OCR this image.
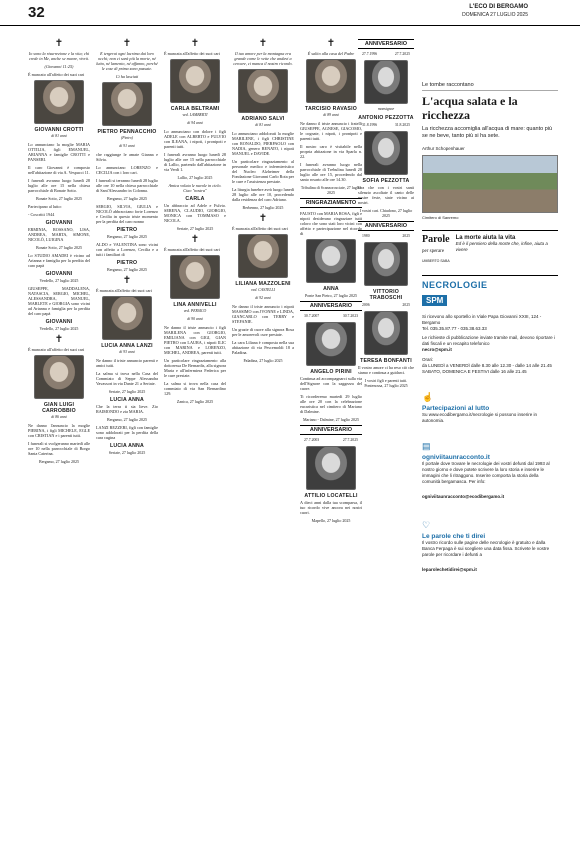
32	L'ECO DI BERGAMO
DOMENICA 27 LUGLIO 2025
✝

Io sono la risurrezione e la vita; chi crede in Me, anche se muore, vivrà.

(Giovanni 11:25)

È mancato all'affetto dei suoi cari

GIOVANNI CROTTI
di 81 anni

Lo annunciano la moglie MARIA OTTILIA, figli EMANUEL, ARIANNA e famiglie CROTTI e PANSERI.

Il caro Giovanni è composto nell'abitazione di via A. Vespucci 11.

I funerali avranno luogo lunedì 28 luglio alle ore 15 nella chiesa parrocchiale di Bonate Sotto.

Bonate Sotto, 27 luglio 2025

Partecipano al lutto:

- Coscritti 1944

GIOVANNI

ERMINIA, ROSSANO, LISA, ANDREA, MARTA, SIMONE, NICOLÒ, LUIGINA

Bonate Sotto, 27 luglio 2025

Lo STUDIO AMADEI è vicino ad Arianna e famiglia per la perdita del caro papà

GIOVANNI

Verdello, 27 luglio 2025

GIUSEPPE, MADDALENA, NATASCIA, SERGIO, MICHEL, ALESSANDRA, MANUEL, MARLETE e GIORGIA sono vicini ad Arianna e famiglia per la perdita del caro papà

GIOVANNI

Verdello, 27 luglio 2025

✝

È mancato all'affetto dei suoi cari

GIAN LUIGI CARROBBIO
di 86 anni

Ne danno l'annuncio la moglie PIERINA, i figli MICHELE, EGLE con CRISTIAN e i parenti tutti.

I funerali si svolgeranno martedì alle ore 10 nella parrocchiale di Borgo Santa Caterina.

Bergamo, 27 luglio 2025

✝

E tergerai ogni lacrima dai loro occhi; non ci sarà più la morte, né lutto, né lamento, né affanno, perché le cose di prima sono passate.

Ci ha lasciati

PIETRO PENNACCHIO
(Pietro)
di 91 anni

che raggiunge le amate Gianna e Silvia.

Lo annunciano LORENZO e CECILIA con i loro cari.

I funerali si terranno lunedì 28 luglio alle ore 10 nella chiesa parrocchiale di Sant'Alessandro in Colonna.

Bergamo, 27 luglio 2025

SERGIO, SILVIA, GIULIA e NICOLÒ abbracciano forte Lorenzo e Cecilia in questo triste momento per la perdita del caro nonno

PIETRO

Bergamo, 27 luglio 2025

ALDO e VALENTINA sono vicini con affetto a Lorenzo, Cecilia e a tutti i familiari di

PIETRO

Bergamo, 27 luglio 2025

✝

È mancata all'affetto dei suoi cari

LUCIA ANNA LANZI
di 93 anni

Ne danno il triste annuncio parenti e amici tutti.

La salma si trova nella Casa del Commiato di Seppe Alessandra Vavassori in via Dante 21 a Seriate.

Seriate, 27 luglio 2025

LUCIA ANNA

Che la terra ti sia lieve. Zio RAIMONDO e zia MARIA.

Bergamo, 27 luglio 2025

LANZI REZZERI, figli con famiglie sono addolorati per la perdita della cara cugina

LUCIA ANNA

Seriate, 27 luglio 2025

✝

È mancata all'affetto dei suoi cari

CARLA BELTRAMI
ved. LAMBERTI
di 94 anni

Lo annunciano con dolore i figli ADELE con ALBERTO e FULVIO con ILEANA, i nipoti, i pronipoti e parenti tutti.

I funerali avranno luogo lunedì 28 luglio alle ore 15 nella parrocchiale di Lallio, partendo dall'abitazione in via Verdi 1.

Lallio, 27 luglio 2025

Amica volata le nuvole in cielo. Ciao "nostra"

CARLA

Un abbraccio ad Adele e Fulvio. SERENA, CLAUDIO, GIORGIO, MONICA con TOMMASO e NICOLA.

Seriate, 27 luglio 2025

✝

È mancata all'affetto dei suoi cari

LINA ANNIVELLI
ved. PERSICO
di 90 anni

Ne danno il triste annuncio i figli MARILENA con GIORGIO, EMILIANA con GIGI, GIAN PIETRO con LAURA, i nipoti ILIC con MARINA e LORENZO, MICHEL, ANDREA, parenti tutti.

Un particolare ringraziamento alla dottoressa De Bernardis, alla signora Maria e all'infermiera Federica per le cure prestate.

La salma si trova nella casa del commiato di via San Bernardino 129.

Zanica, 27 luglio 2025

✝

Il tuo amore per la montagna era grande come le vette che andavi a cercare, ci manca il nostro ricordo.

ADRIANO SALVI
di 81 anni

Lo annunciano addolorati la moglie MARILENE, i figli CHRISTINE con RONALDO, PIERPAOLO con NADIA, genero RENATO, i nipoti MANUEL e DAVIDE.

Un particolare ringraziamento al personale medico e infermieristico del Nucleo Alzheimer della Fondazione Giovanni Carlo Rota per le cure e l'assistenza prestate.

La liturgia funebre avrà luogo lunedì 28 luglio alle ore 10, procedendo dalla residenza del caro Adriano.

Berbenno, 27 luglio 2025

✝

È mancata all'affetto dei suoi cari

LILIANA MAZZOLENI
ved. CASTELLI
di 92 anni

Ne danno il triste annuncio i nipoti MASSIMO con JVONNE e LINDA, GIANCARLO con TERRY e STEFANIE.

Un grazie di cuore alla signora Rosa per le amorevoli cure prestate.

La cara Liliana è composta nella sua abitazione di via Pescemoldi 18 a Paladina.

Paladina, 27 luglio 2025

✝

È salito alla casa del Padre

TARCISIO RAVASIO
di 89 anni

Ne danno il triste annuncio i fratelli GIUSEPPE, AGNESE, GIACOMO, le cognate, i nipoti, i pronipoti e parenti tutti.

Il nostro caro è visitabile nella propria abitazione in via Sparla n. 22.

I funerali avranno luogo nella parrocchiale di Trebulina lunedì 28 luglio alle ore 15, procedendo dal santo rosario alle ore 14.30.

Tribulina di Scanzorosciate, 27 luglio 2025

RINGRAZIAMENTO

FAUSTO con MARIA ROSA, figli e nipoti desiderano ringraziare tutti coloro che sono stati loro vicini con affetto e partecipazione nel ricordo di

ANNA

Ponte San Pietro, 27 luglio 2025

ANNIVERSARIO
30.7.2007	30.7.2023
ANGELO PIRINI

Continua ad accompagnarci sulla via dell'Signore con la saggezza del cuore.

Ti ricorderemo martedì 29 luglio alle ore 20 con la celebrazione eucaristica nel cimitero di Mariano di Dalmine.

Mariano - Dalmine, 27 luglio 2025

ANNIVERSARIO
27.7.2003	27.7.2025
ATTILIO LOCATELLI

A dieci anni dalla tua scomparsa, il tuo ricordo vive ancora nei nostri cuori.

Mapello, 27 luglio 2025

ANNIVERSARIO
27.7.1996	27.7.2025
monsignor
ANTONIO PEZZOTTA
31.8.1996	31.8.2025
SOFIA PEZZOTTA

Ora che con i vostri santi silenzio ascoltate il canto delle nostre feste, state vicino ai nostri.

I vostri cari. Chiudono, 27 luglio 2025

ANNIVERSARIO
1980	2025
VITTORIO TRABOSCHI
2006	2025
TERESA BONFANTI

Il vostro amore ci ha reso ciò che siamo e continua a guidarci.

I vostri figli e parenti tutti. Pontenossa, 27 luglio 2025

Le tombe raccontano
L'acqua salata e la ricchezza
La ricchezza accomiglia all'acqua di mare: quanto più se ne beve, tanto più si ha sete.
Arthur Schopenhauer
Cimitero di Sanremo
Parole
per sperare
La morte aiuta la vita
Ed è il pensiero della morte che, infine, aiuta a vivere
UMBERTO SABA
NECROLOGIE
SPM
Si ricevono allo sportello in Viale Papa Giovanni XXIII, 124 - Bergamo
Tel. 035.35.87.77 - 035.38.63.33
Le richieste di pubblicazione inviate tramite mail, devono riportare i dati fiscali e un recapito telefonico
necro@spm.it
Orari:
da LUNEDÌ a VENERDÌ dalle 8.30 alle 12.30 - dalle 14 alle 21.45
SABATO, DOMENICA E FESTIVI dalle 16 alle 21.45
☝
Partecipazioni al lutto
Su www.ecodibergamo.it/necrologie si possono inserire in autonomia.
▤
ogniviitaunracconto.it
Il portale dove trovare le necrologie dei vostri defunti dal 1993 al nostro giorno e dove potete scrivere la loro storia e inserire le immagini che li ritraggono. Inserire comporta la storia della comunità bergamasca. Per info:
ogniviitaunracconto@ecodibergamo.it
♡
Le parole che ti direi
Il vostro ricordo sulle pagine delle necrologie è gratuito e dalla Banca Ferpaga è sui scegliere una data fissa. Scrivete le vostre parole per ricordare i defunti a
leparolechetidirei@spm.it
